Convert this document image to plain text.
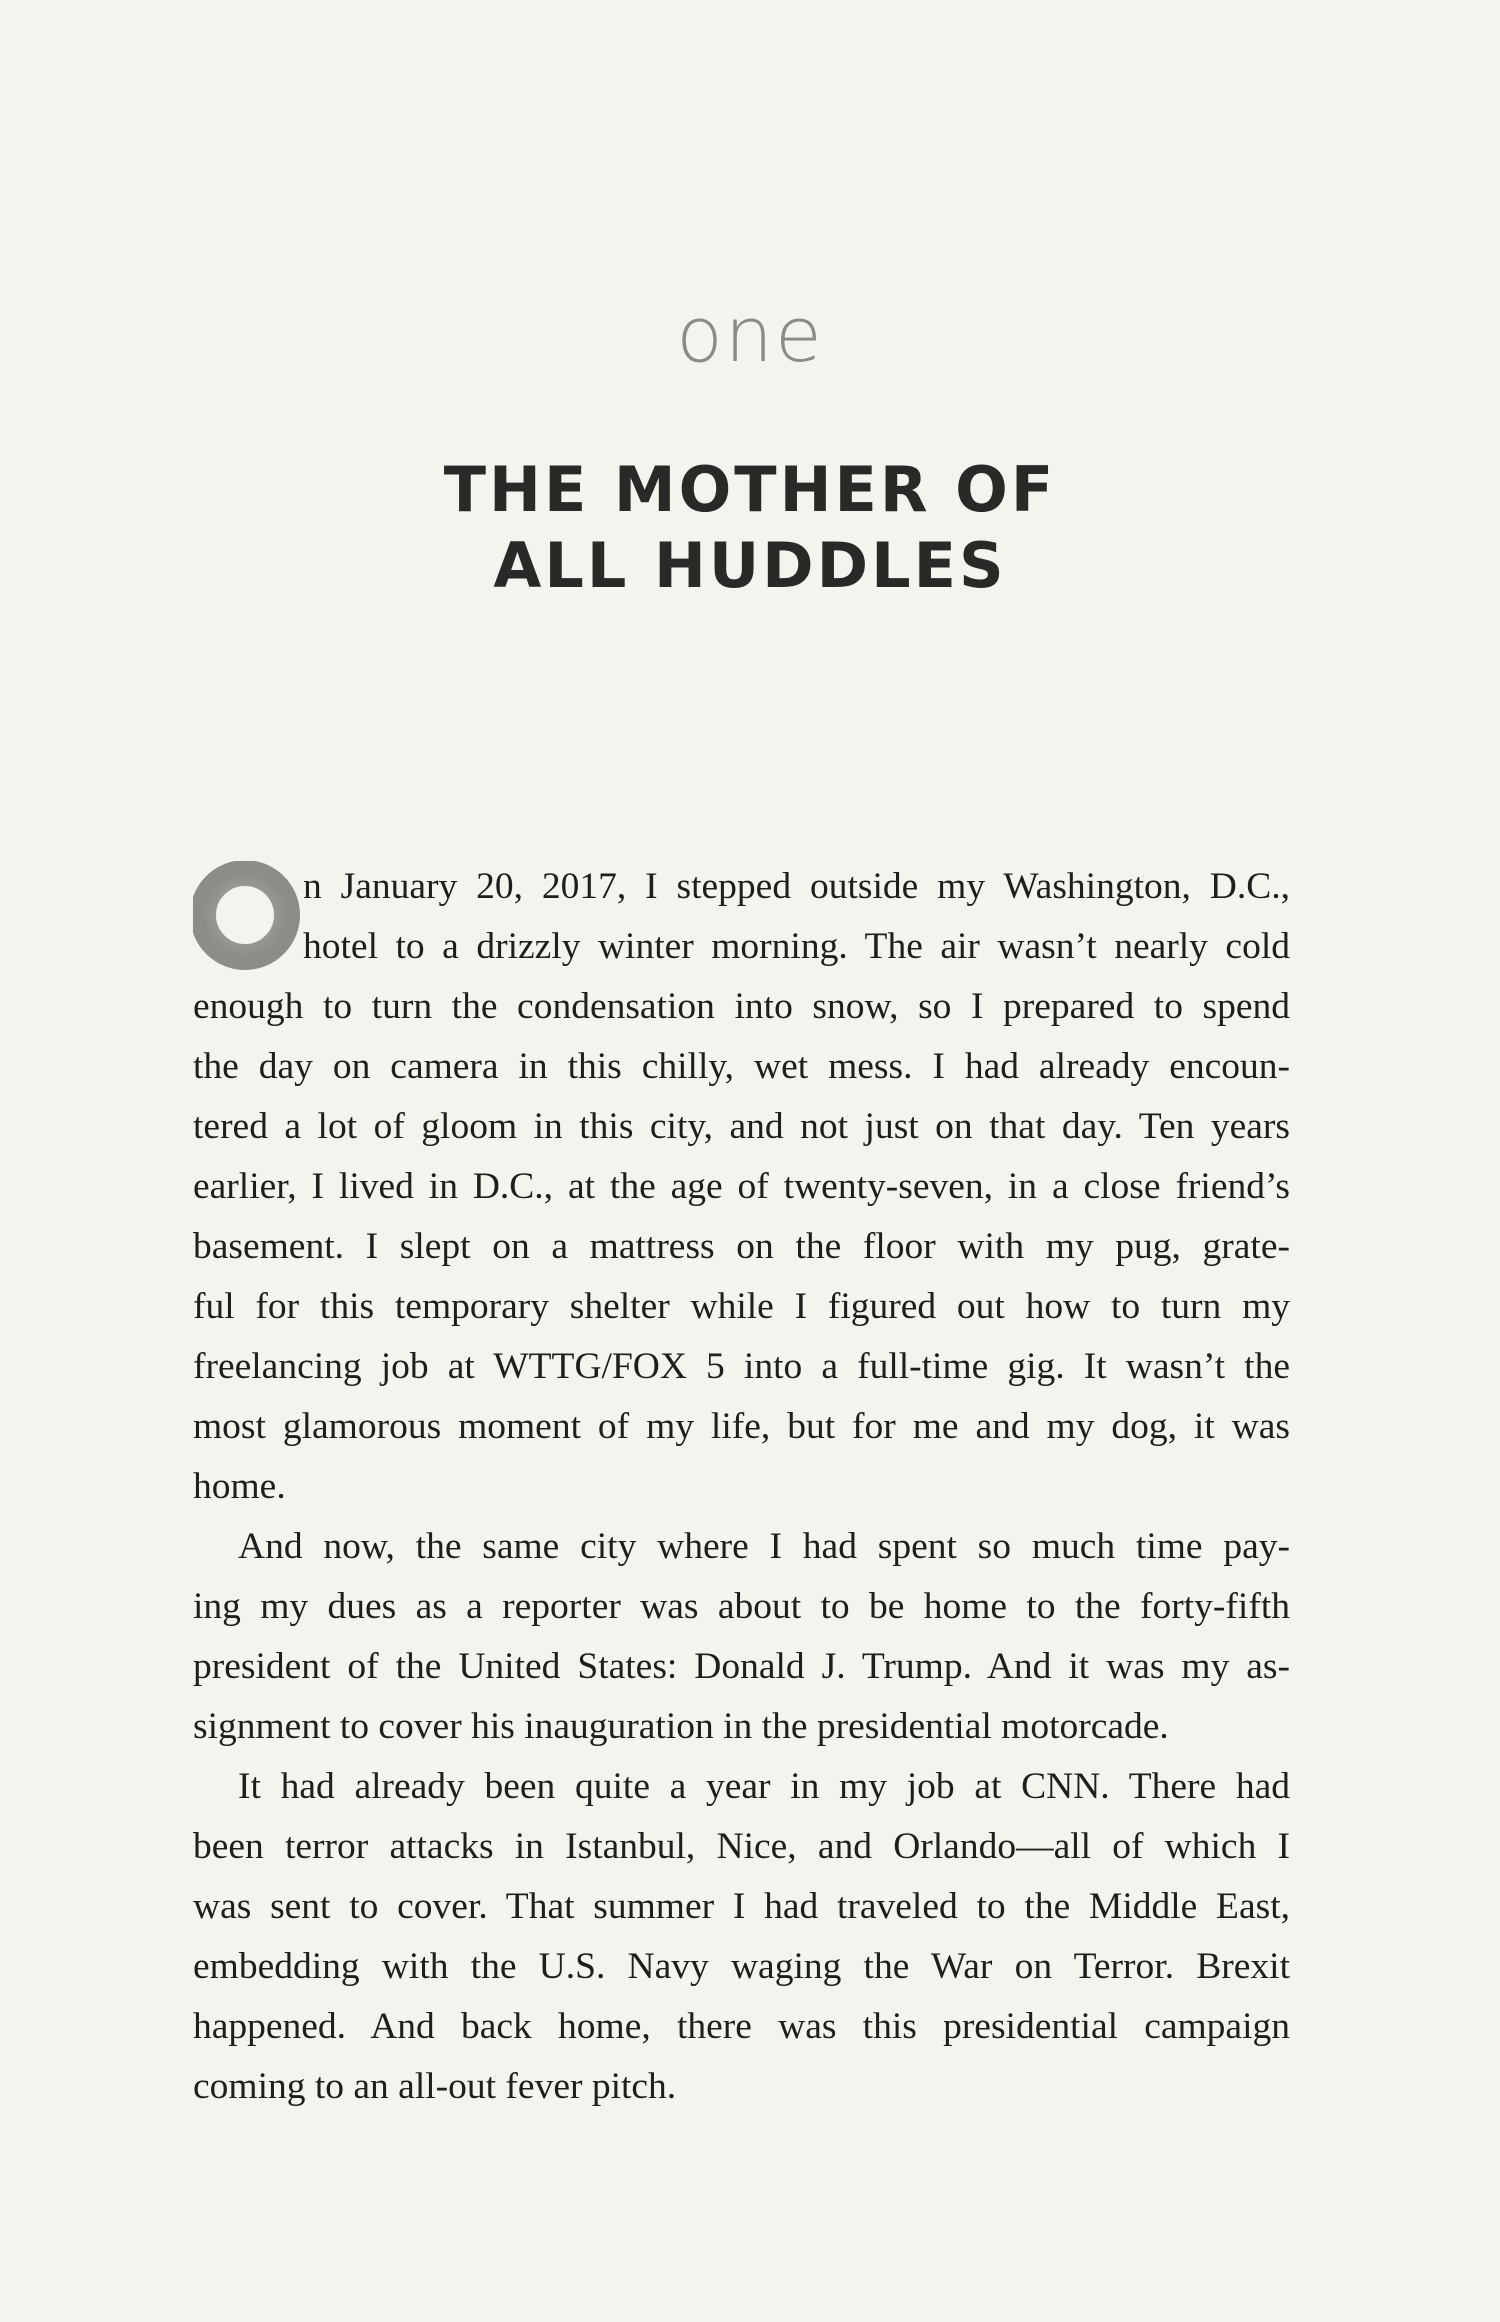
one
THE MOTHER OF
ALL HUDDLES
n January 20, 2017, I stepped outside my Washington, D.C.,
hotel to a drizzly winter morning. The air wasn’t nearly cold
enough to turn the condensation into snow, so I prepared to spend
the day on camera in this chilly, wet mess. I had already encoun-
tered a lot of gloom in this city, and not just on that day. Ten years
earlier, I lived in D.C., at the age of twenty-seven, in a close friend’s
basement. I slept on a mattress on the floor with my pug, grate-
ful for this temporary shelter while I figured out how to turn my
freelancing job at WTTG/FOX 5 into a full-time gig. It wasn’t the
most glamorous moment of my life, but for me and my dog, it was
home.
And now, the same city where I had spent so much time pay-
ing my dues as a reporter was about to be home to the forty-fifth
president of the United States: Donald J. Trump. And it was my as-
signment to cover his inauguration in the presidential motorcade.
It had already been quite a year in my job at CNN. There had
been terror attacks in Istanbul, Nice, and Orlando—all of which I
was sent to cover. That summer I had traveled to the Middle East,
embedding with the U.S. Navy waging the War on Terror. Brexit
happened. And back home, there was this presidential campaign
coming to an all-out fever pitch.
